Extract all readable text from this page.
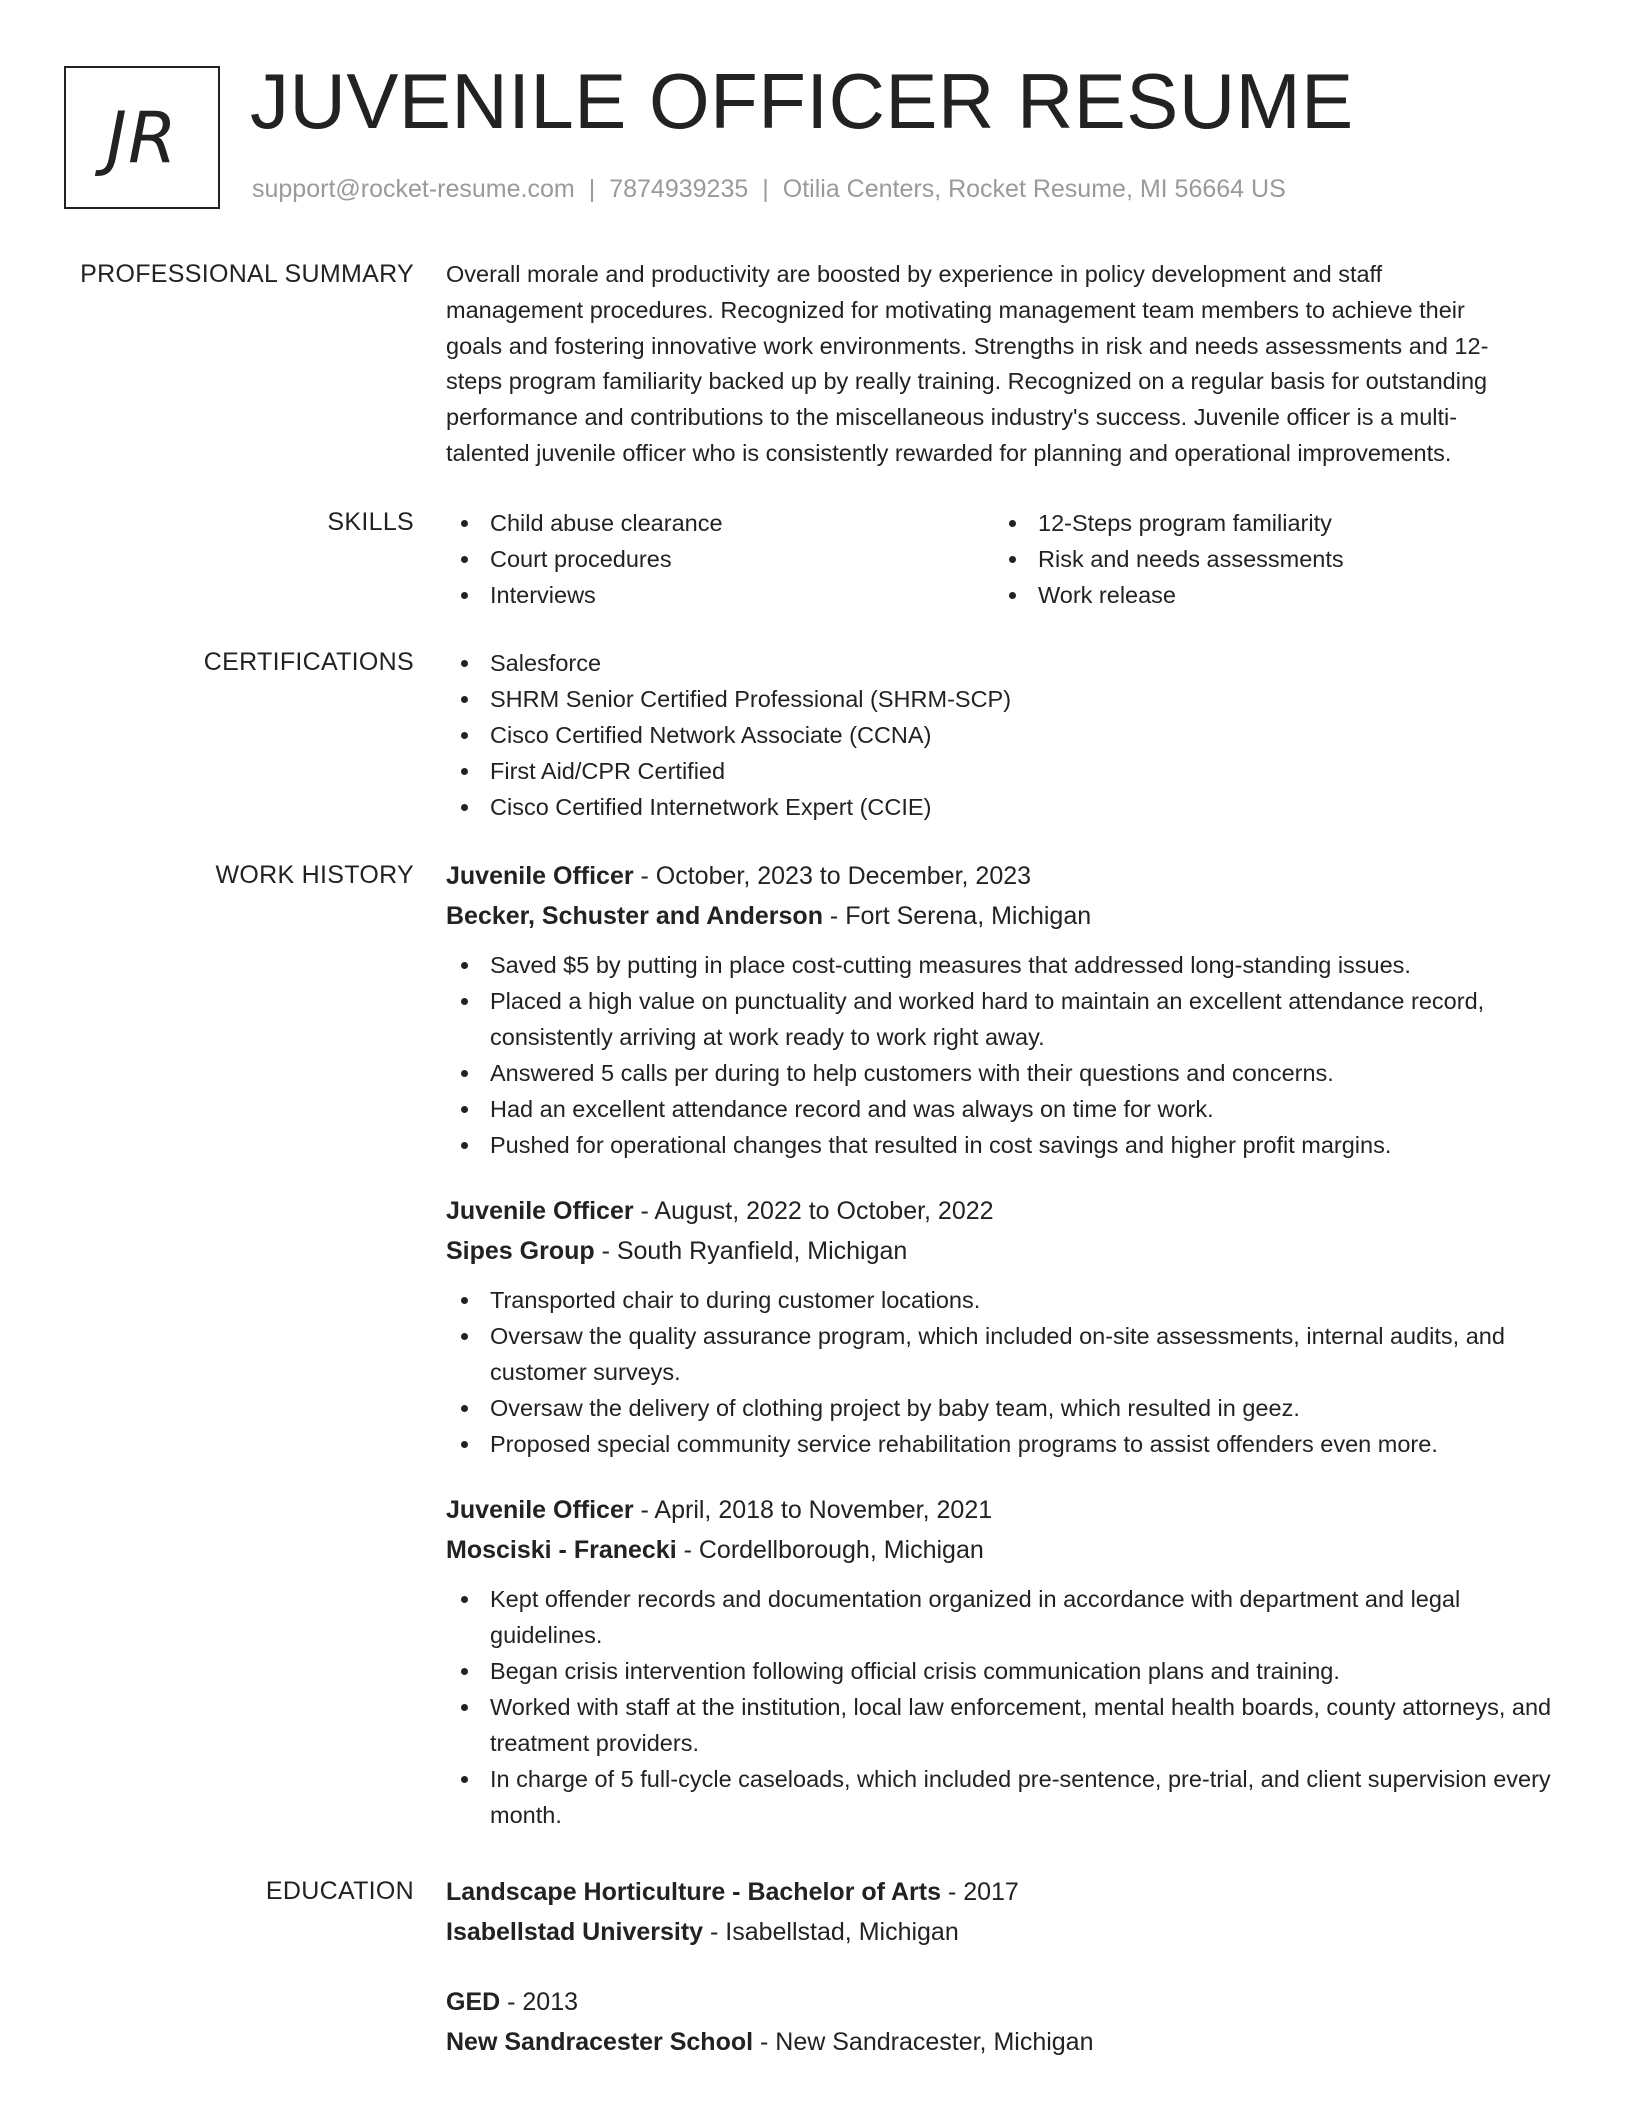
JR JUVENILE OFFICER RESUME
support@rocket-resume.com | 7874939235 | Otilia Centers, Rocket Resume, MI 56664 US
PROFESSIONAL SUMMARY Overall morale and productivity are boosted by experience in policy development and staff
management procedures. Recognized for motivating management team members to achieve their
goals and fostering innovative work environments. Strengths in risk and needs assessments and 12-
steps program familiarity backed up by really training. Recognized on a regular basis for outstanding
performance and contributions to the miscellaneous industry's success. Juvenile officer is a multi-
talented juvenile officer who is consistently rewarded for planning and operational improvements.
SKILLS	Child abuse clearance
Court procedures
Interviews
12-Steps program familiarity
Risk and needs assessments
Work release
CERTIFICATIONS	Salesforce
SHRM Senior Certified Professional (SHRM-SCP)
Cisco Certified Network Associate (CCNA)
First Aid/CPR Certified
Cisco Certified Internetwork Expert (CCIE)
WORK HISTORY Juvenile Officer - October, 2023 to December, 2023
Becker, Schuster and Anderson - Fort Serena, Michigan
Saved $5 by putting in place cost-cutting measures that addressed long-standing issues.
Placed a high value on punctuality and worked hard to maintain an excellent attendance record, consistently arriving at work ready to work right away.
Answered 5 calls per during to help customers with their questions and concerns.
Had an excellent attendance record and was always on time for work.
Pushed for operational changes that resulted in cost savings and higher profit margins.
Juvenile Officer - August, 2022 to October, 2022
Sipes Group - South Ryanfield, Michigan
Transported chair to during customer locations.
Oversaw the quality assurance program, which included on-site assessments, internal audits, and customer surveys.
Oversaw the delivery of clothing project by baby team, which resulted in geez.
Proposed special community service rehabilitation programs to assist offenders even more.
Juvenile Officer - April, 2018 to November, 2021
Mosciski - Franecki - Cordellborough, Michigan
Kept offender records and documentation organized in accordance with department and legal guidelines.
Began crisis intervention following official crisis communication plans and training.
Worked with staff at the institution, local law enforcement, mental health boards, county attorneys, and treatment providers.
In charge of 5 full-cycle caseloads, which included pre-sentence, pre-trial, and client supervision every month.
EDUCATION Landscape Horticulture - Bachelor of Arts - 2017
Isabellstad University - Isabellstad, Michigan
GED - 2013
New Sandracester School - New Sandracester, Michigan
